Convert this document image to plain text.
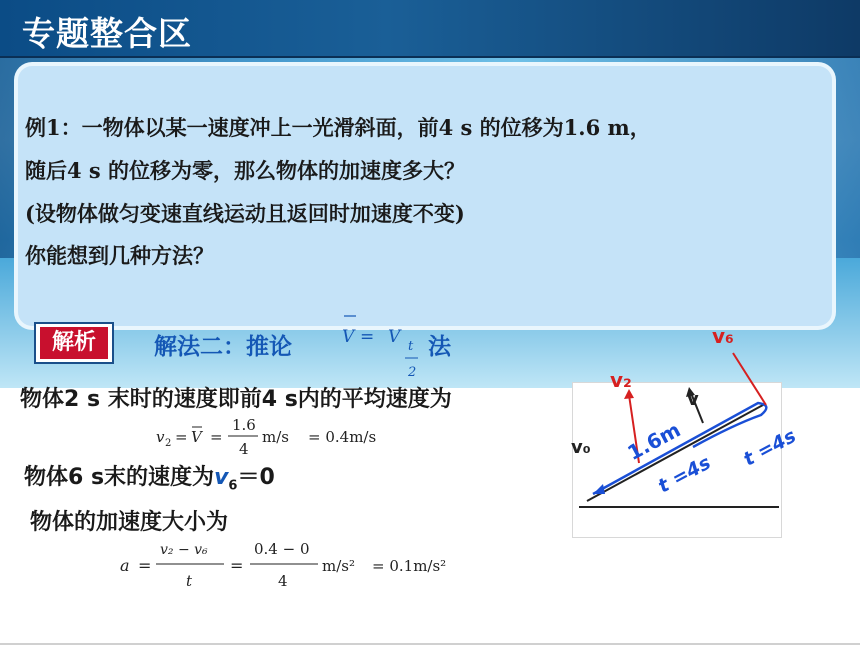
专题整合区
例1：一物体以某一速度冲上一光滑斜面，前4 s 的位移为1.6 m，
随后4 s 的位移为零，那么物体的加速度多大？
(设物体做匀变速直线运动且返回时加速度不变)
你能想到几种方法？
解析	解法二：推论	V = V t
2
法
物体2 s 末时的速度即前4 s内的平均速度为
v 2 = V =
1.6
4
m/s = 0.4m/s
物体6 s末的速度为$v_6=0$
物体的加速度大小为
a =
v₂ − v₆
t
=
0.4 − 0
4
m/s² = 0.1m/s²
v₀
v
1.6m
t =4s
t =4s
v₂
v₆
